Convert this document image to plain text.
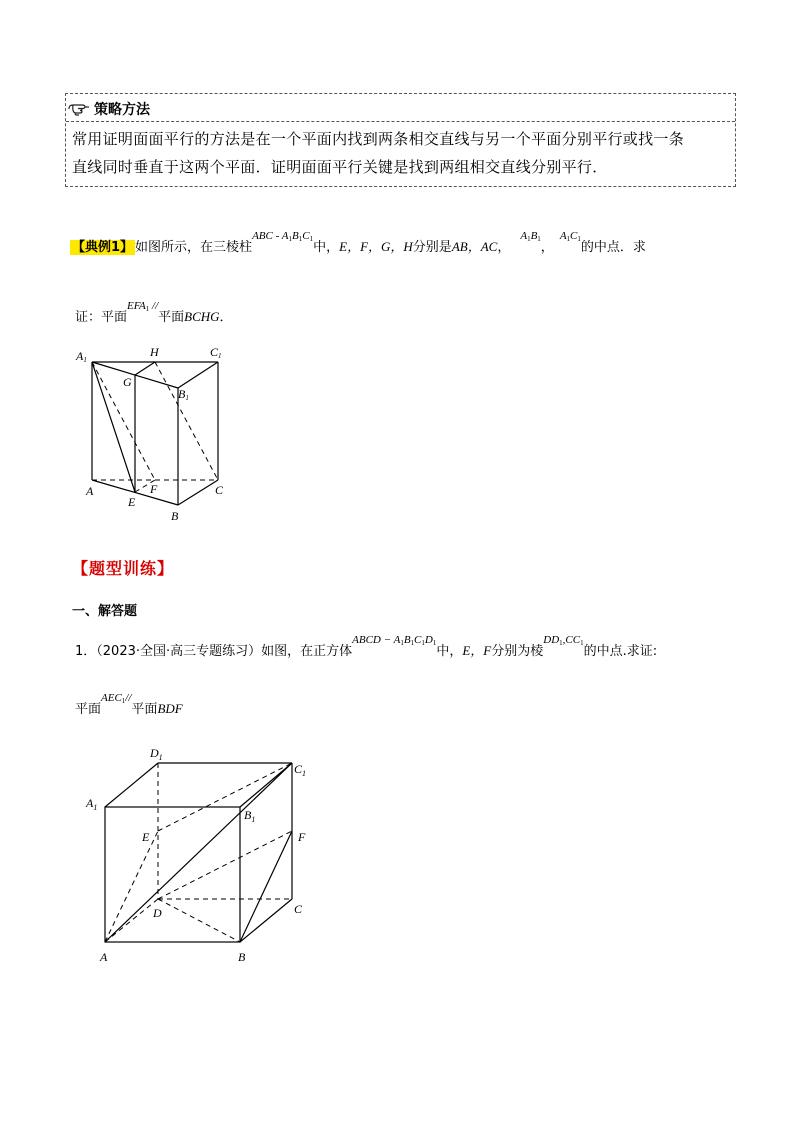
策略方法
常用证明面面平行的方法是在一个平面内找到两条相交直线与另一个平面分别平行或找一条
直线同时垂直于这两个平面．证明面面平行关键是找到两组相交直线分别平行．
【典例1】 如图所示，在三棱柱$^{ABC - A_1B_1C_1}$中，E，F，G，H分别是AB，AC，$^{A_1B_1}$，$^{A_1C_1}$的中点．求
证：平面$^{EFA_1 //}$平面BCHG．
A1
H	C1
G
B1
A	F	C
E
B
【题型训练】
一、解答题
1．（2023·全国·高三专题练习）如图，在正方体$^{ABCD - A_1B_1C_1D_1}$中，E，F分别为棱$^{DD_1,CC_1}$的中点.求证:
平面$^{AEC_1//}$平面BDF
$D_1$
$C_1$
$A_1$
$B_1$
E	F
D	C
A	B
